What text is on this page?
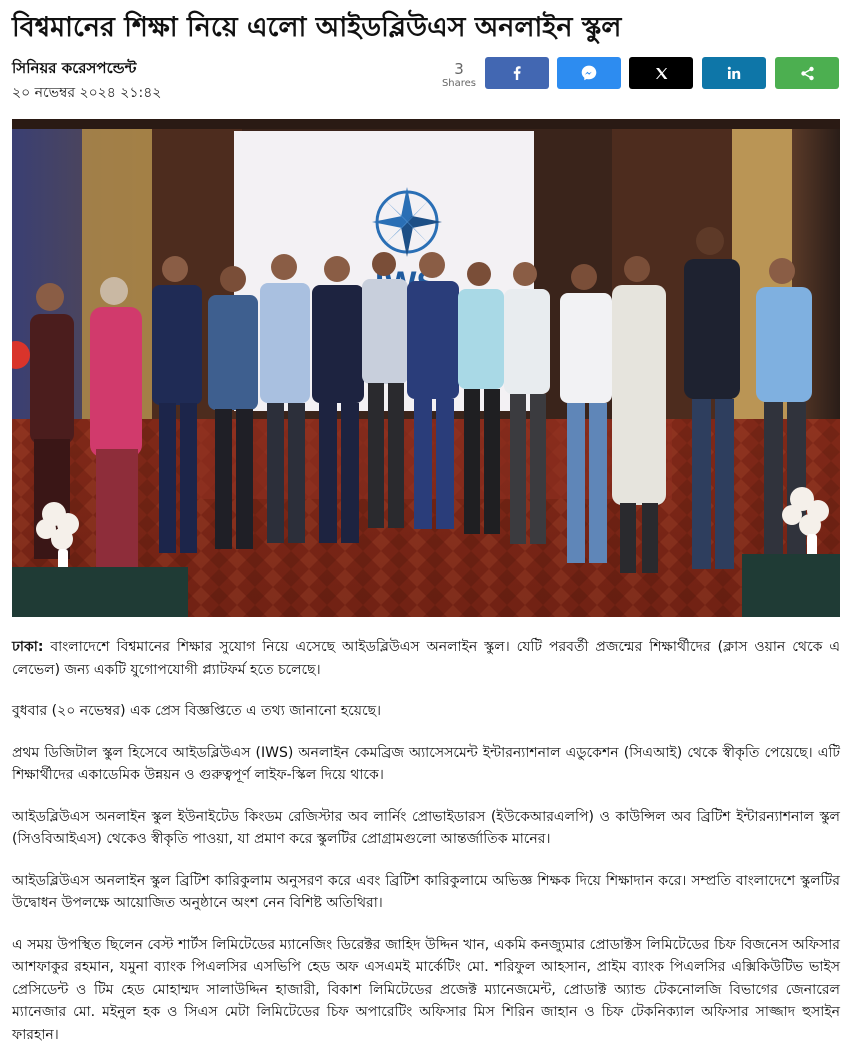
বিশ্বমানের শিক্ষা নিয়ে এলো আইডব্লিউএস অনলাইন স্কুল
সিনিয়র করেসপন্ডেন্ট
২০ নভেম্বর ২০২৪ ২১:৪২
3
Shares

ঢাকা: বাংলাদেশে বিশ্বমানের শিক্ষার সুযোগ নিয়ে এসেছে আইডব্লিউএস অনলাইন স্কুল। যেটি পরবর্তী প্রজন্মের শিক্ষার্থীদের (ক্লাস ওয়ান থেকে এ লেভেল) জন্য একটি যুগোপযোগী প্ল্যাটফর্ম হতে চলেছে।

বুধবার (২০ নভেম্বর) এক প্রেস বিজ্ঞপ্তিতে এ তথ্য জানানো হয়েছে।

প্রথম ডিজিটাল স্কুল হিসেবে আইডব্লিউএস (IWS) অনলাইন কেমব্রিজ অ্যাসেসমেন্ট ইন্টারন্যাশনাল এডুকেশন (সিএআই) থেকে স্বীকৃতি পেয়েছে। এটি শিক্ষার্থীদের একাডেমিক উন্নয়ন ও গুরুত্বপূর্ণ লাইফ-স্কিল দিয়ে থাকে।

আইডব্লিউএস অনলাইন স্কুল ইউনাইটেড কিংডম রেজিস্টার অব লার্নিং প্রোভাইডারস (ইউকেআরএলপি) ও কাউন্সিল অব ব্রিটিশ ইন্টারন্যাশনাল স্কুল (সিওবিআইএস) থেকেও স্বীকৃতি পাওয়া, যা প্রমাণ করে স্কুলটির প্রোগ্রামগুলো আন্তর্জাতিক মানের।

আইডব্লিউএস অনলাইন স্কুল ব্রিটিশ কারিকুলাম অনুসরণ করে এবং ব্রিটিশ কারিকুলামে অভিজ্ঞ শিক্ষক দিয়ে শিক্ষাদান করে। সম্প্রতি বাংলাদেশে স্কুলটির উদ্বোধন উপলক্ষে আয়োজিত অনুষ্ঠানে অংশ নেন বিশিষ্ট অতিথিরা।

এ সময় উপস্থিত ছিলেন বেস্ট শার্টস লিমিটেডের ম্যানেজিং ডিরেক্টর জাহিদ উদ্দিন খান, একমি কনজ্যুমার প্রোডাক্টস লিমিটেডের চিফ বিজনেস অফিসার আশফাকুর রহমান, যমুনা ব্যাংক পিএলসির এসভিপি হেড অফ এসএমই মার্কেটিং মো. শরিফুল আহসান, প্রাইম ব্যাংক পিএলসির এক্সিকিউটিভ ভাইস প্রেসিডেন্ট ও টিম হেড মোহাম্মদ সালাউদ্দিন হাজারী, বিকাশ লিমিটেডের প্রজেক্ট ম্যানেজমেন্ট, প্রোডাক্ট অ্যান্ড টেকনোলজি বিভাগের জেনারেল ম্যানেজার মো. মইনুল হক ও সিএস মেটা লিমিটেডের চিফ অপারেটিং অফিসার মিস শিরিন জাহান ও চিফ টেকনিক্যাল অফিসার সাজ্জাদ হুসাইন ফারহান।
